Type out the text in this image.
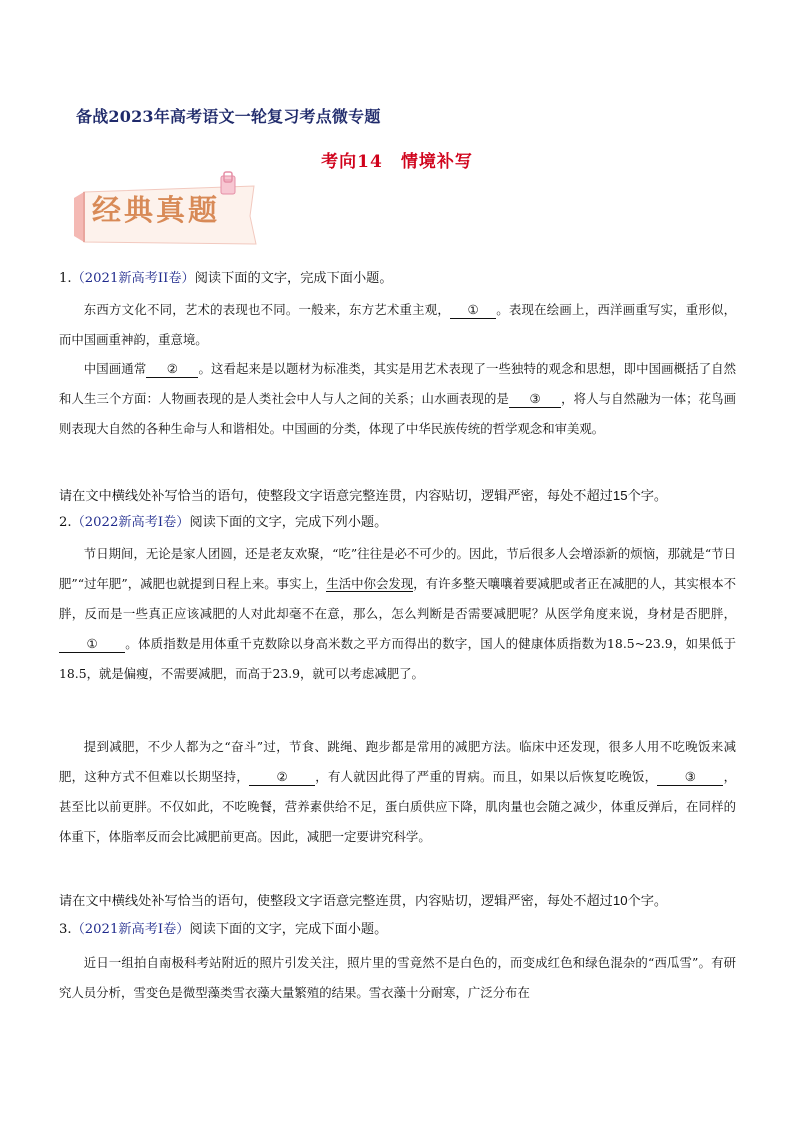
备战2023年高考语文一轮复习考点微专题
考向14 情境补写
经典真题
1.（2021新高考II卷）阅读下面的文字，完成下面小题。
东西方文化不同，艺术的表现也不同。一般来，东方艺术重主观， ① 。表现在绘画上，西洋画重写实，重形似，而中国画重神韵，重意境。
中国画通常 ② 。这看起来是以题材为标准类，其实是用艺术表现了一些独特的观念和思想，即中国画概括了自然和人生三个方面：人物画表现的是人类社会中人与人之间的关系；山水画表现的是 ③ ，将人与自然融为一体；花鸟画则表现大自然的各种生命与人和谐相处。中国画的分类，体现了中华民族传统的哲学观念和审美观。
请在文中横线处补写恰当的语句，使整段文字语意完整连贯，内容贴切，逻辑严密，每处不超过15个字。
2.（2022新高考I卷）阅读下面的文字，完成下列小题。
节日期间，无论是家人团圆，还是老友欢聚，“吃”往往是必不可少的。因此，节后很多人会增添新的烦恼，那就是“节日肥”“过年肥”，减肥也就提到日程上来。事实上，生活中你会发现，有许多整天嚷嚷着要减肥或者正在减肥的人，其实根本不胖，反而是一些真正应该减肥的人对此却毫不在意，那么，怎么判断是否需要减肥呢？从医学角度来说，身材是否肥胖，① 。体质指数是用体重千克数除以身高米数之平方而得出的数字，国人的健康体质指数为18.5~23.9，如果低于18.5，就是偏瘦，不需要减肥，而高于23.9，就可以考虑减肥了。
提到减肥，不少人都为之“奋斗”过，节食、跳绳、跑步都是常用的减肥方法。临床中还发现，很多人用不吃晚饭来减肥，这种方式不但难以长期坚持， ② ，有人就因此得了严重的胃病。而且，如果以后恢复吃晚饭， ③ ，甚至比以前更胖。不仅如此，不吃晚餐，营养素供给不足，蛋白质供应下降，肌肉量也会随之减少，体重反弹后，在同样的体重下，体脂率反而会比减肥前更高。因此，减肥一定要讲究科学。
请在文中横线处补写恰当的语句，使整段文字语意完整连贯，内容贴切，逻辑严密，每处不超过10个字。
3.（2021新高考I卷）阅读下面的文字，完成下面小题。
近日一组拍自南极科考站附近的照片引发关注，照片里的雪竟然不是白色的，而变成红色和绿色混杂的“西瓜雪”。有研究人员分析，雪变色是微型藻类雪衣藻大量繁殖的结果。雪衣藻十分耐寒，广泛分布在
